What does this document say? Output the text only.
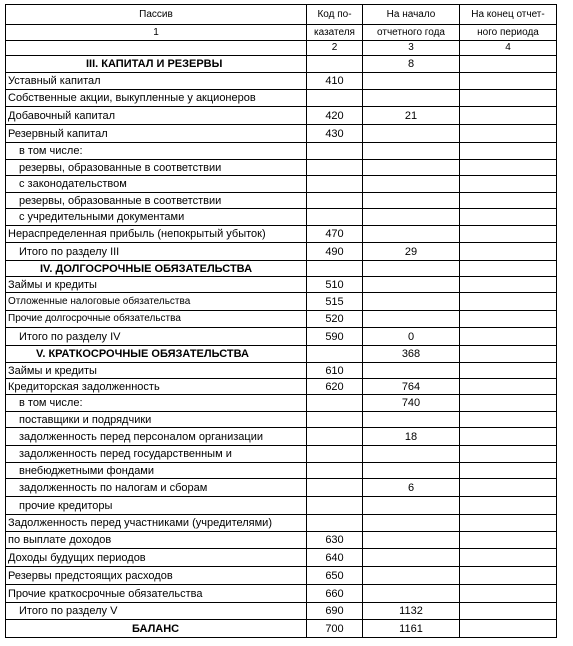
Пассив	Код по-	На начало	На конец отчет-
1	казателя	отчетного года	ного периода
	2	3	4
III. КАПИТАЛ И РЕЗЕРВЫ		8	
Уставный капитал	410		
Собственные акции, выкупленные у акционеров			
Добавочный капитал	420	21	
Резервный капитал	430		
в том числе:			
резервы, образованные в соответствии			
с законодательством			
резервы, образованные в соответствии			
с учредительными документами			
Нераспределенная прибыль (непокрытый убыток)	470		
Итого по разделу III	490	29	
IV. ДОЛГОСРОЧНЫЕ ОБЯЗАТЕЛЬСТВА			
Займы и кредиты	510		
Отложенные налоговые обязательства	515		
Прочие долгосрочные обязательства	520		
Итого по разделу IV	590	0	
V. КРАТКОСРОЧНЫЕ ОБЯЗАТЕЛЬСТВА		368	
Займы и кредиты	610		
Кредиторская задолженность	620	764	
в том числе:		740	
поставщики и подрядчики			
задолженность перед персоналом организации		18	
задолженность перед государственным и			
внебюджетными фондами			
задолженность по налогам и сборам		6	
прочие кредиторы			
Задолженность перед участниками (учредителями)			
по выплате доходов	630		
Доходы будущих периодов	640		
Резервы предстоящих расходов	650		
Прочие краткосрочные обязательства	660		
Итого по разделу V	690	1132	
БАЛАНС	700	1161	
